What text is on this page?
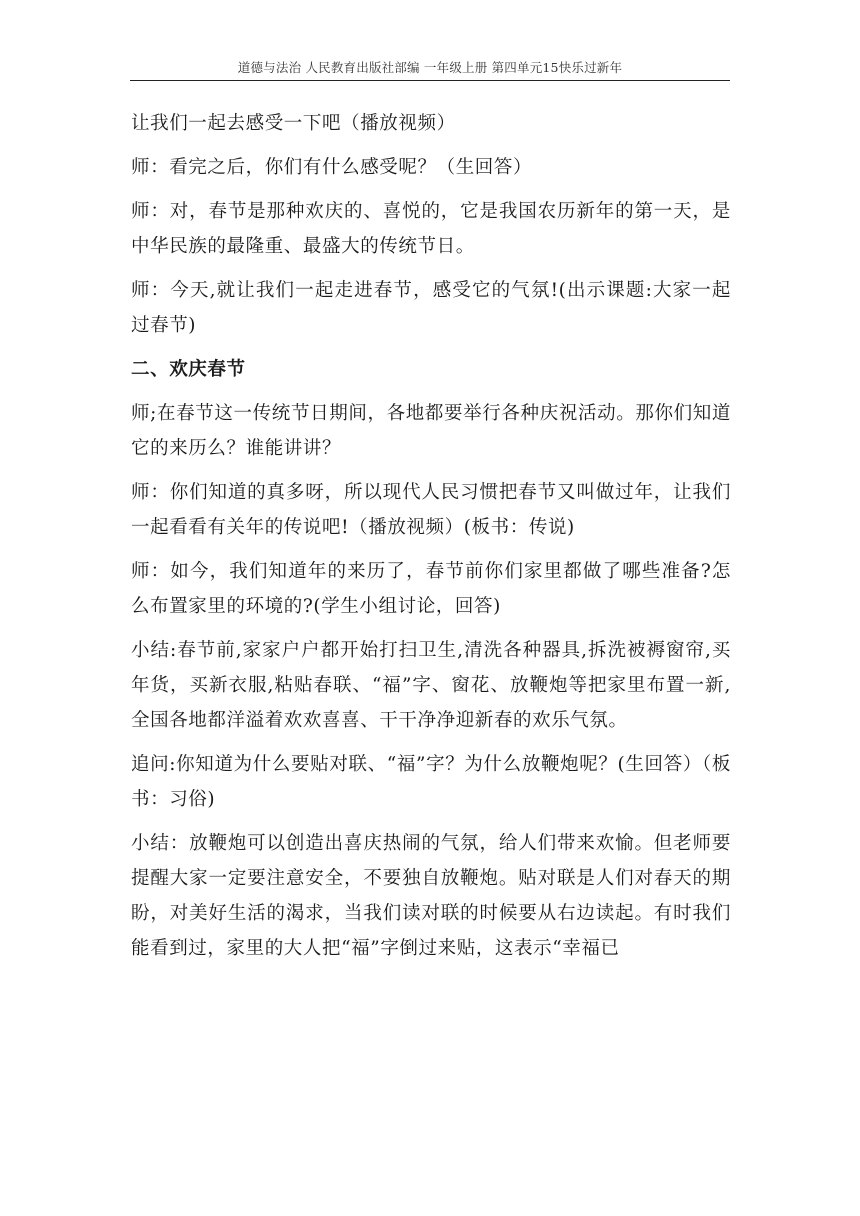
道德与法治 人民教育出版社部编 一年级上册 第四单元15快乐过新年

让我们一起去感受一下吧（播放视频）

师：看完之后，你们有什么感受呢？（生回答）

师：对，春节是那种欢庆的、喜悦的，它是我国农历新年的第一天，是中华民族的最隆重、最盛大的传统节日。

师：今天,就让我们一起走进春节，感受它的气氛!(出示课题:大家一起过春节)

二、欢庆春节

师;在春节这一传统节日期间，各地都要举行各种庆祝活动。那你们知道它的来历么？谁能讲讲？

师：你们知道的真多呀，所以现代人民习惯把春节又叫做过年，让我们一起看看有关年的传说吧!（播放视频）(板书：传说)

师：如今，我们知道年的来历了，春节前你们家里都做了哪些准备?怎么布置家里的环境的?(学生小组讨论，回答)

小结:春节前,家家户户都开始打扫卫生,清洗各种器具,拆洗被褥窗帘,买年货，买新衣服,粘贴春联、“福”字、窗花、放鞭炮等把家里布置一新,全国各地都洋溢着欢欢喜喜、干干净净迎新春的欢乐气氛。

追问:你知道为什么要贴对联、“福”字？为什么放鞭炮呢？(生回答）（板书：习俗)

小结：放鞭炮可以创造出喜庆热闹的气氛，给人们带来欢愉。但老师要提醒大家一定要注意安全，不要独自放鞭炮。贴对联是人们对春天的期盼，对美好生活的渴求，当我们读对联的时候要从右边读起。有时我们能看到过，家里的大人把“福”字倒过来贴，这表示“幸福已
